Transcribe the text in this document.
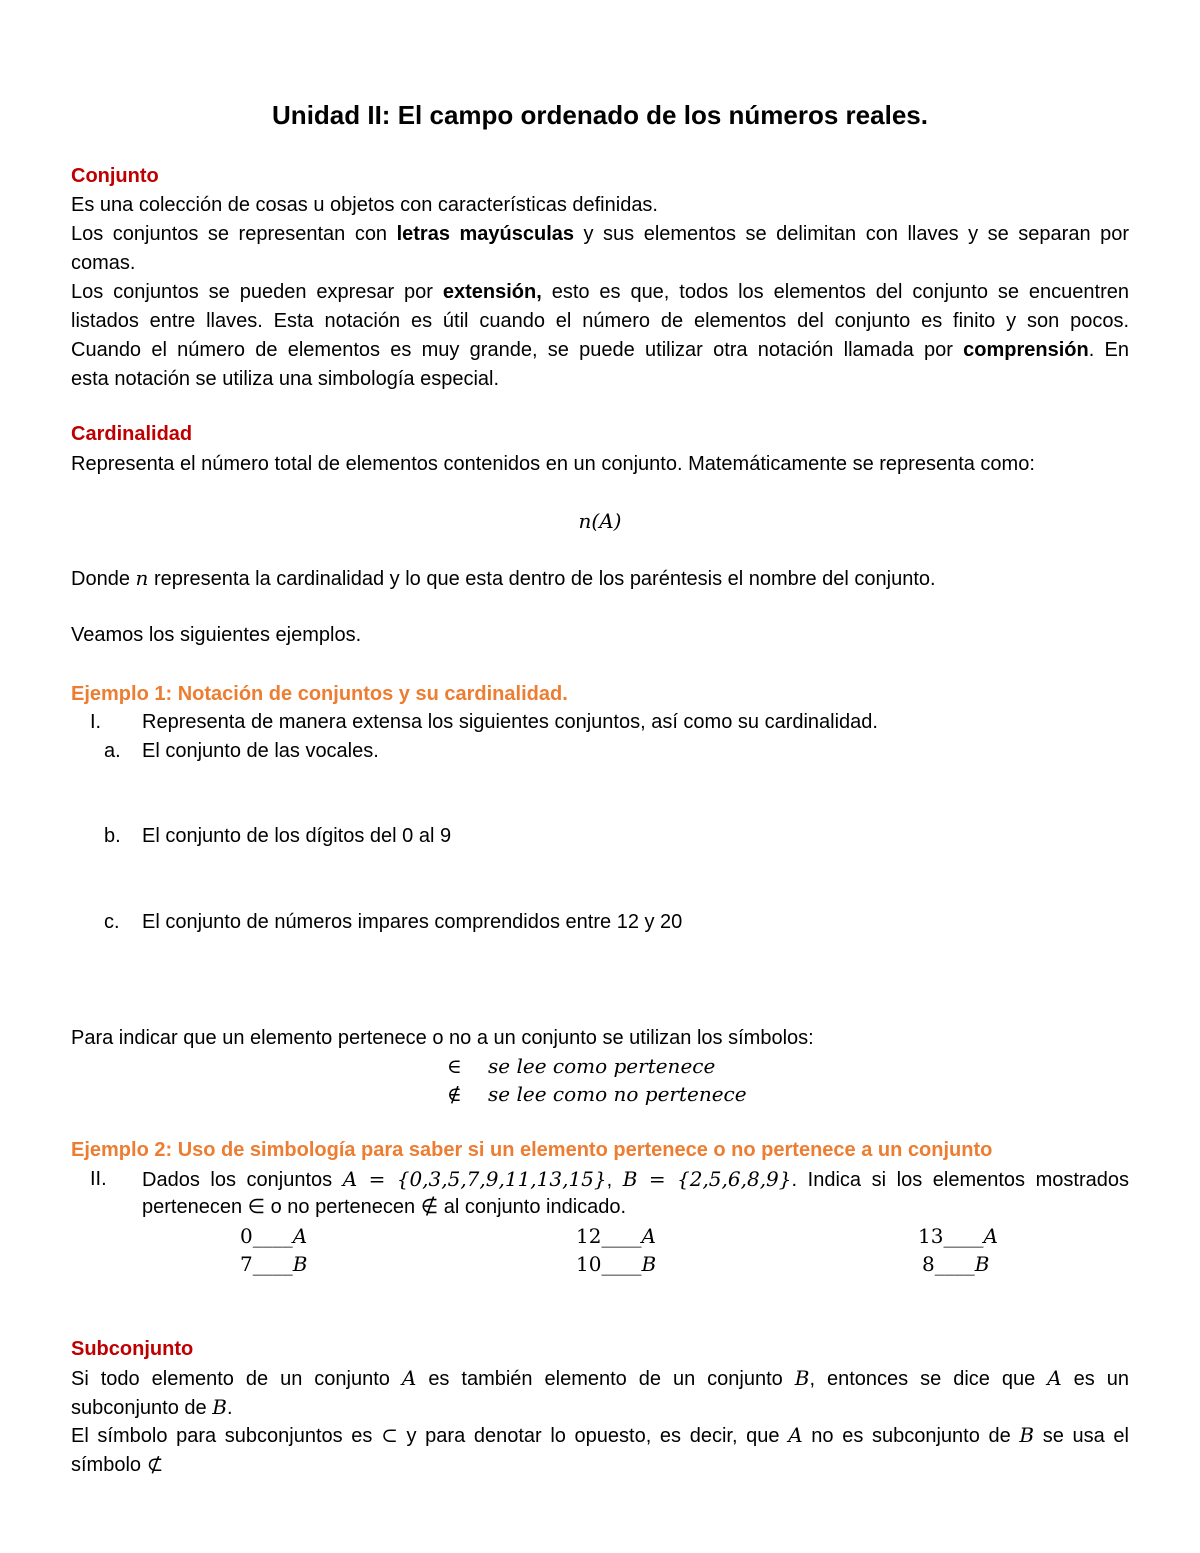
Unidad II: El campo ordenado de los números reales.
Conjunto
Es una colección de cosas u objetos con características definidas.
Los conjuntos se representan con letras mayúsculas y sus elementos se delimitan con llaves y se separan por
comas.
Los conjuntos se pueden expresar por extensión, esto es que, todos los elementos del conjunto se encuentren
listados entre llaves. Esta notación es útil cuando el número de elementos del conjunto es finito y son pocos.
Cuando el número de elementos es muy grande, se puede utilizar otra notación llamada por comprensión. En
esta notación se utiliza una simbología especial.
Cardinalidad
Representa el número total de elementos contenidos en un conjunto. Matemáticamente se representa como:
n(A)
Donde n representa la cardinalidad y lo que esta dentro de los paréntesis el nombre del conjunto.
Veamos los siguientes ejemplos.
Ejemplo 1: Notación de conjuntos y su cardinalidad.
I. Representa de manera extensa los siguientes conjuntos, así como su cardinalidad.
a. El conjunto de las vocales.
b. El conjunto de los dígitos del 0 al 9
c. El conjunto de números impares comprendidos entre 12 y 20
Para indicar que un elemento pertenece o no a un conjunto se utilizan los símbolos:
∈ se lee como pertenece
∉ se lee como no pertenece
Ejemplo 2: Uso de simbología para saber si un elemento pertenece o no pertenece a un conjunto
II. Dados los conjuntos A = {0,3,5,7,9,11,13,15}, B = {2,5,6,8,9}. Indica si los elementos mostrados
pertenecen ∈ o no pertenecen ∉ al conjunto indicado.
0____A	12____A	13____A
7____B	10____B	8____B
Subconjunto
Si todo elemento de un conjunto A es también elemento de un conjunto B, entonces se dice que A es un
subconjunto de B.
El símbolo para subconjuntos es ⊂ y para denotar lo opuesto, es decir, que A no es subconjunto de B se usa el
símbolo ⊄
